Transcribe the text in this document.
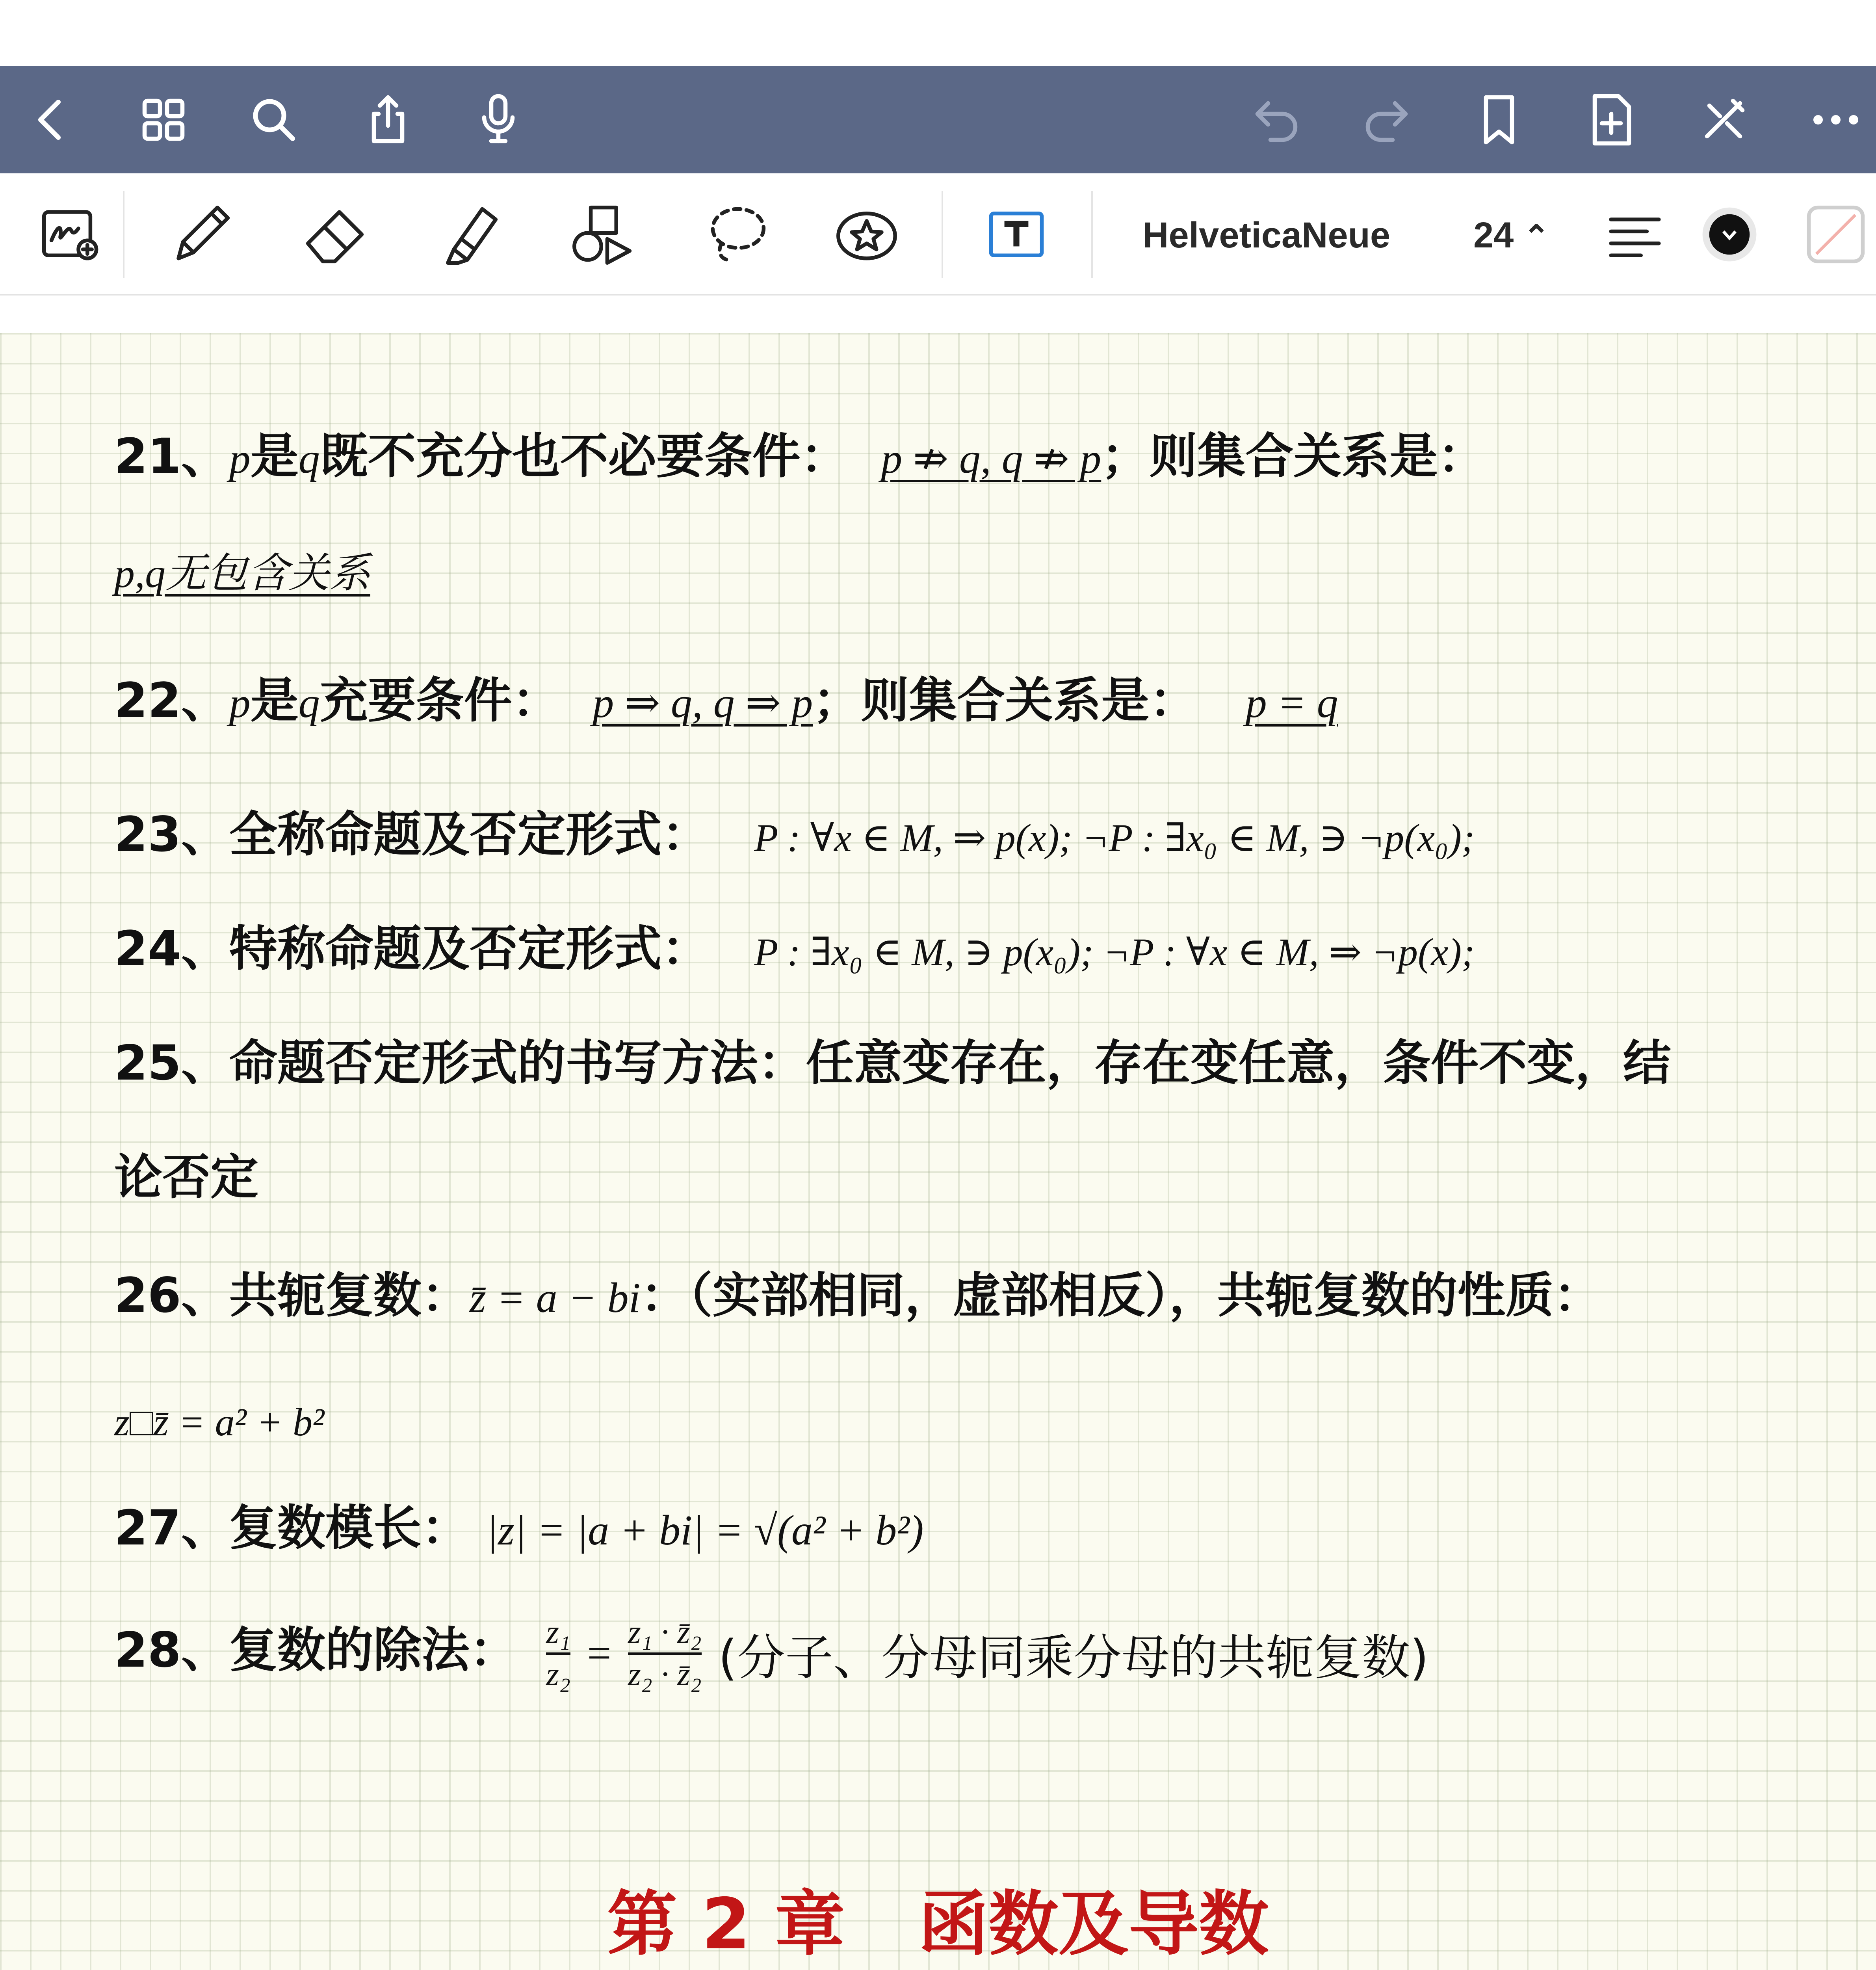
HelveticaNeue 24 ⌃
21、p是q既不充分也不必要条件： p ⇏ q, q ⇏ p；则集合关系是：
p,q无包含关系
22、p是q充要条件： p ⇒ q, q ⇒ p；则集合关系是： p = q
23、全称命题及否定形式： P : ∀x ∈ M, ⇒ p(x); ¬P : ∃x₀ ∈ M, ∋ ¬p(x₀);
24、特称命题及否定形式： P : ∃x₀ ∈ M, ∋ p(x₀); ¬P : ∀x ∈ M, ⇒ ¬p(x);
25、命题否定形式的书写方法：任意变存在，存在变任意，条件不变，结
论否定
26、共轭复数：z̄ = a − bi：（实部相同，虚部相反），共轭复数的性质：
z□z̄ = a² + b²
27、复数模长： |z| = |a + bi| = √(a² + b²)
28、复数的除法： $\frac{\text{z₁}}{\text{z₂}} = \frac{\text{z₁ · z̄₂}}{\text{z₂ · z̄₂}}$ (分子、分母同乘分母的共轭复数)
第 2 章   函数及导数
